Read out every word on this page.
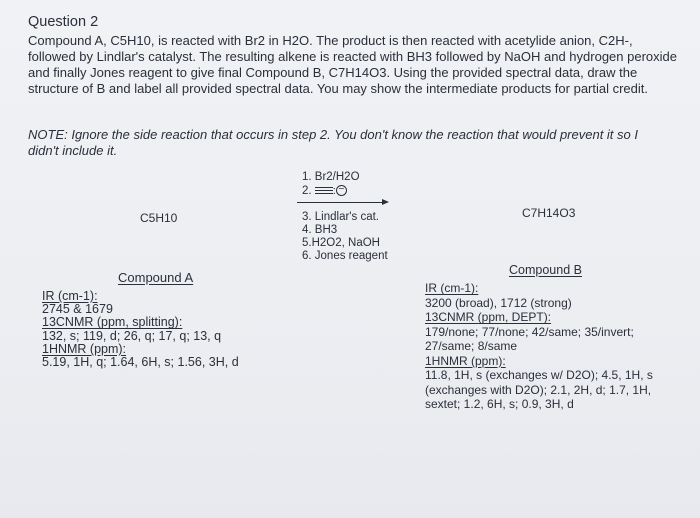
Question 2
Compound A, C5H10, is reacted with Br2 in H2O. The product is then reacted with acetylide anion, C2H-, followed by Lindlar's catalyst. The resulting alkene is reacted with BH3 followed by NaOH and hydrogen peroxide and finally Jones reagent to give final Compound B, C7H14O3. Using the provided spectral data, draw the structure of B and label all provided spectral data. You may show the intermediate products for partial credit.
NOTE: Ignore the side reaction that occurs in step 2. You don't know the reaction that would prevent it so I didn't include it.
1. Br2/H2O
2. : −
3. Lindlar's cat.
4. BH3
5.H2O2, NaOH
6. Jones reagent
C5H10	C7H14O3
Compound A
IR (cm-1):
2745 & 1679
13CNMR (ppm, splitting):
132, s; 119, d; 26, q; 17, q; 13, q
1HNMR (ppm):
5.19, 1H, q; 1.64, 6H, s; 1.56, 3H, d
Compound B
IR (cm-1):
3200 (broad), 1712 (strong)
13CNMR (ppm, DEPT):
179/none; 77/none; 42/same; 35/invert;
27/same; 8/same
1HNMR (ppm):
11.8, 1H, s (exchanges w/ D2O); 4.5, 1H, s
(exchanges with D2O); 2.1, 2H, d; 1.7, 1H,
sextet; 1.2, 6H, s; 0.9, 3H, d
